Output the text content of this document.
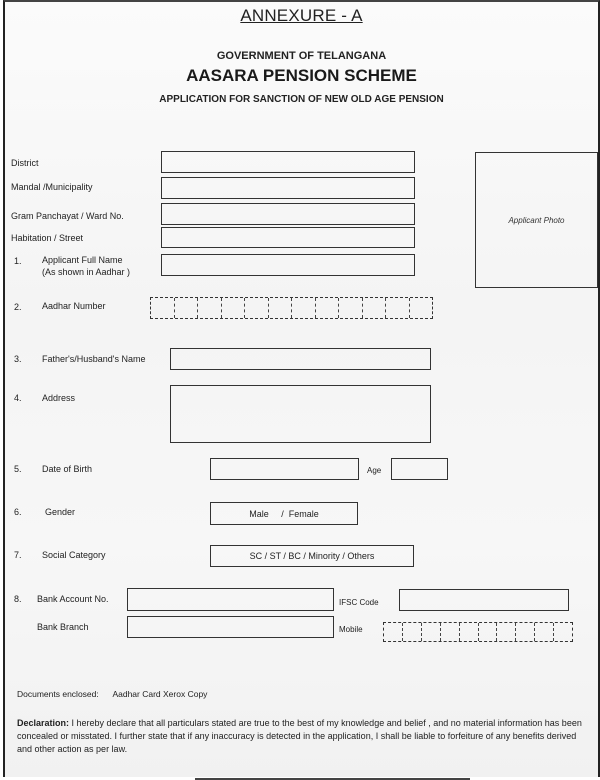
ANNEXURE - A
GOVERNMENT OF TELANGANA
AASARA PENSION SCHEME
APPLICATION FOR SANCTION OF NEW OLD AGE PENSION
District
Mandal /Municipality
Gram Panchayat / Ward No.
Habitation / Street
Applicant Photo
1. Applicant Full Name
(As shown in Aadhar )
2. Aadhar Number
3. Father's/Husband's Name
4. Address
5. Date of Birth	Age
6.	Gender	Male     /  Female
7. Social Category	SC / ST / BC / Minority / Others
8. Bank Account No.	IFSC Code
Bank Branch	Mobile
Documents enclosed: Aadhar Card Xerox Copy
Declaration: I hereby declare that all particulars stated are true to the best of my knowledge and belief , and no material information has been concealed or misstated. I further state that if any inaccuracy is detected in the application, I shall be liable to forfeiture of any benefits derived and other action as per law.
